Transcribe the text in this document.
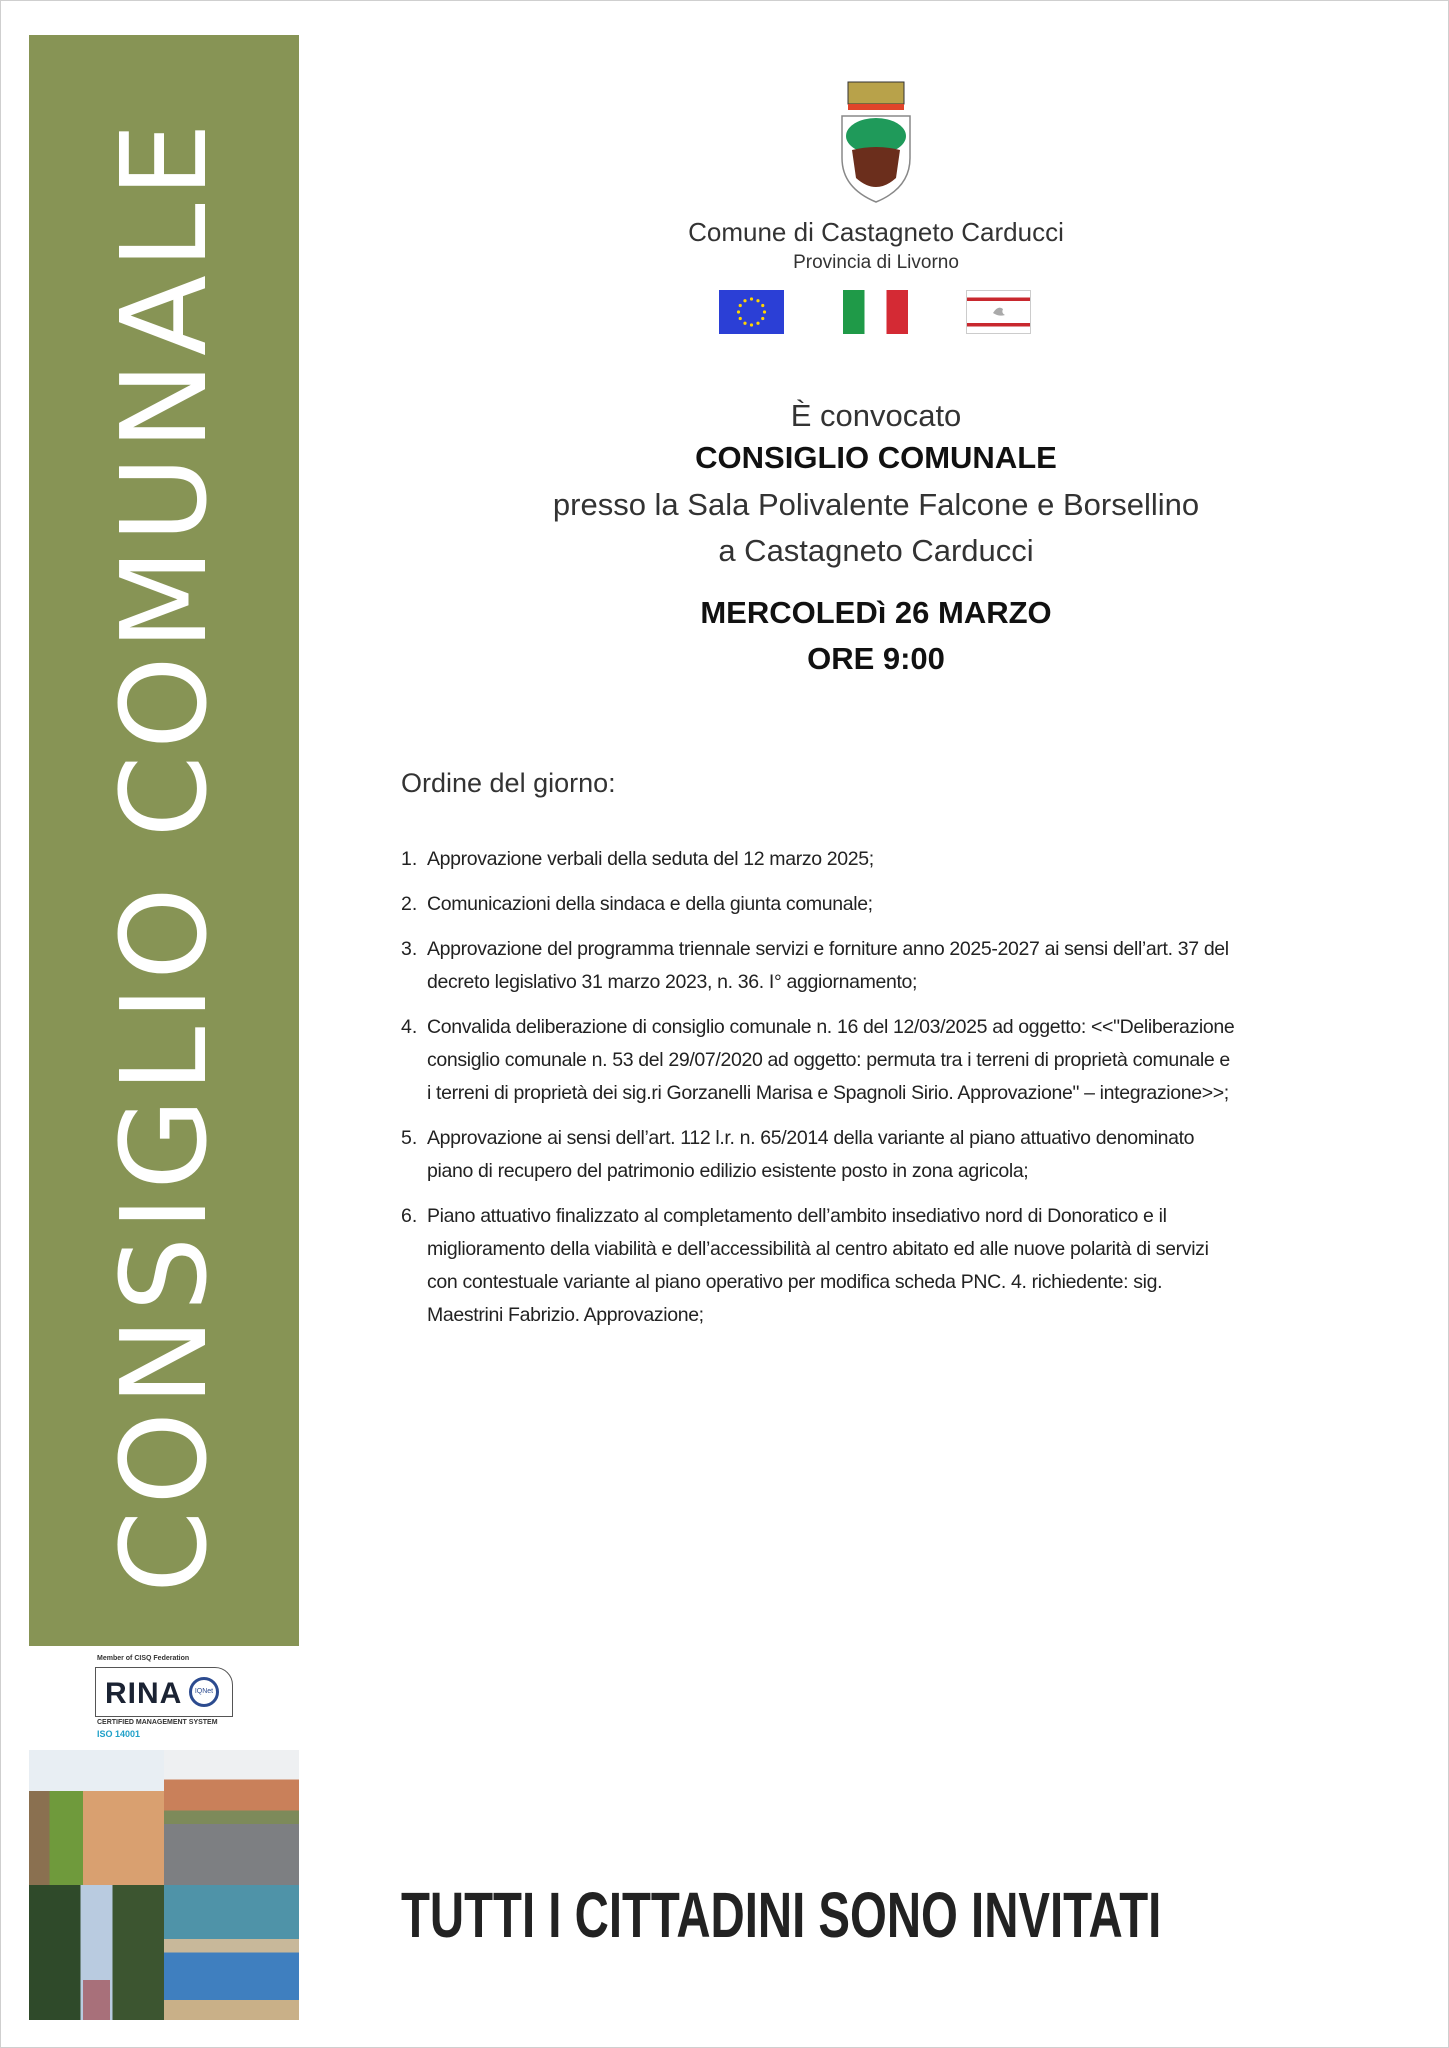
CONSIGLIO COMUNALE
Member of CISQ Federation
RINA	IQNet
CERTIFIED MANAGEMENT SYSTEM
ISO 14001
Comune di Castagneto Carducci
Provincia di Livorno
È convocato
CONSIGLIO COMUNALE
presso la Sala Polivalente Falcone e Borsellino
a Castagneto Carducci
MERCOLEDì 26 MARZO
ORE 9:00
Ordine del giorno:
1. Approvazione verbali della seduta del 12 marzo 2025;
2. Comunicazioni della sindaca e della giunta comunale;
3. Approvazione del programma triennale servizi e forniture anno 2025-2027 ai sensi dell’art. 37 del
decreto legislativo 31 marzo 2023, n. 36. I° aggiornamento;
4. Convalida deliberazione di consiglio comunale n. 16 del 12/03/2025 ad oggetto: <<"Deliberazione
consiglio comunale n. 53 del 29/07/2020 ad oggetto: permuta tra i terreni di proprietà comunale e
i terreni di proprietà dei sig.ri Gorzanelli Marisa e Spagnoli Sirio. Approvazione" – integrazione>>;
5. Approvazione ai sensi dell’art. 112 l.r. n. 65/2014 della variante al piano attuativo denominato
piano di recupero del patrimonio edilizio esistente posto in zona agricola;
6. Piano attuativo finalizzato al completamento dell’ambito insediativo nord di Donoratico e il
miglioramento della viabilità e dell’accessibilità al centro abitato ed alle nuove polarità di servizi
con contestuale variante al piano operativo per modifica scheda PNC. 4. richiedente: sig.
Maestrini Fabrizio. Approvazione;
TUTTI I CITTADINI SONO INVITATI
